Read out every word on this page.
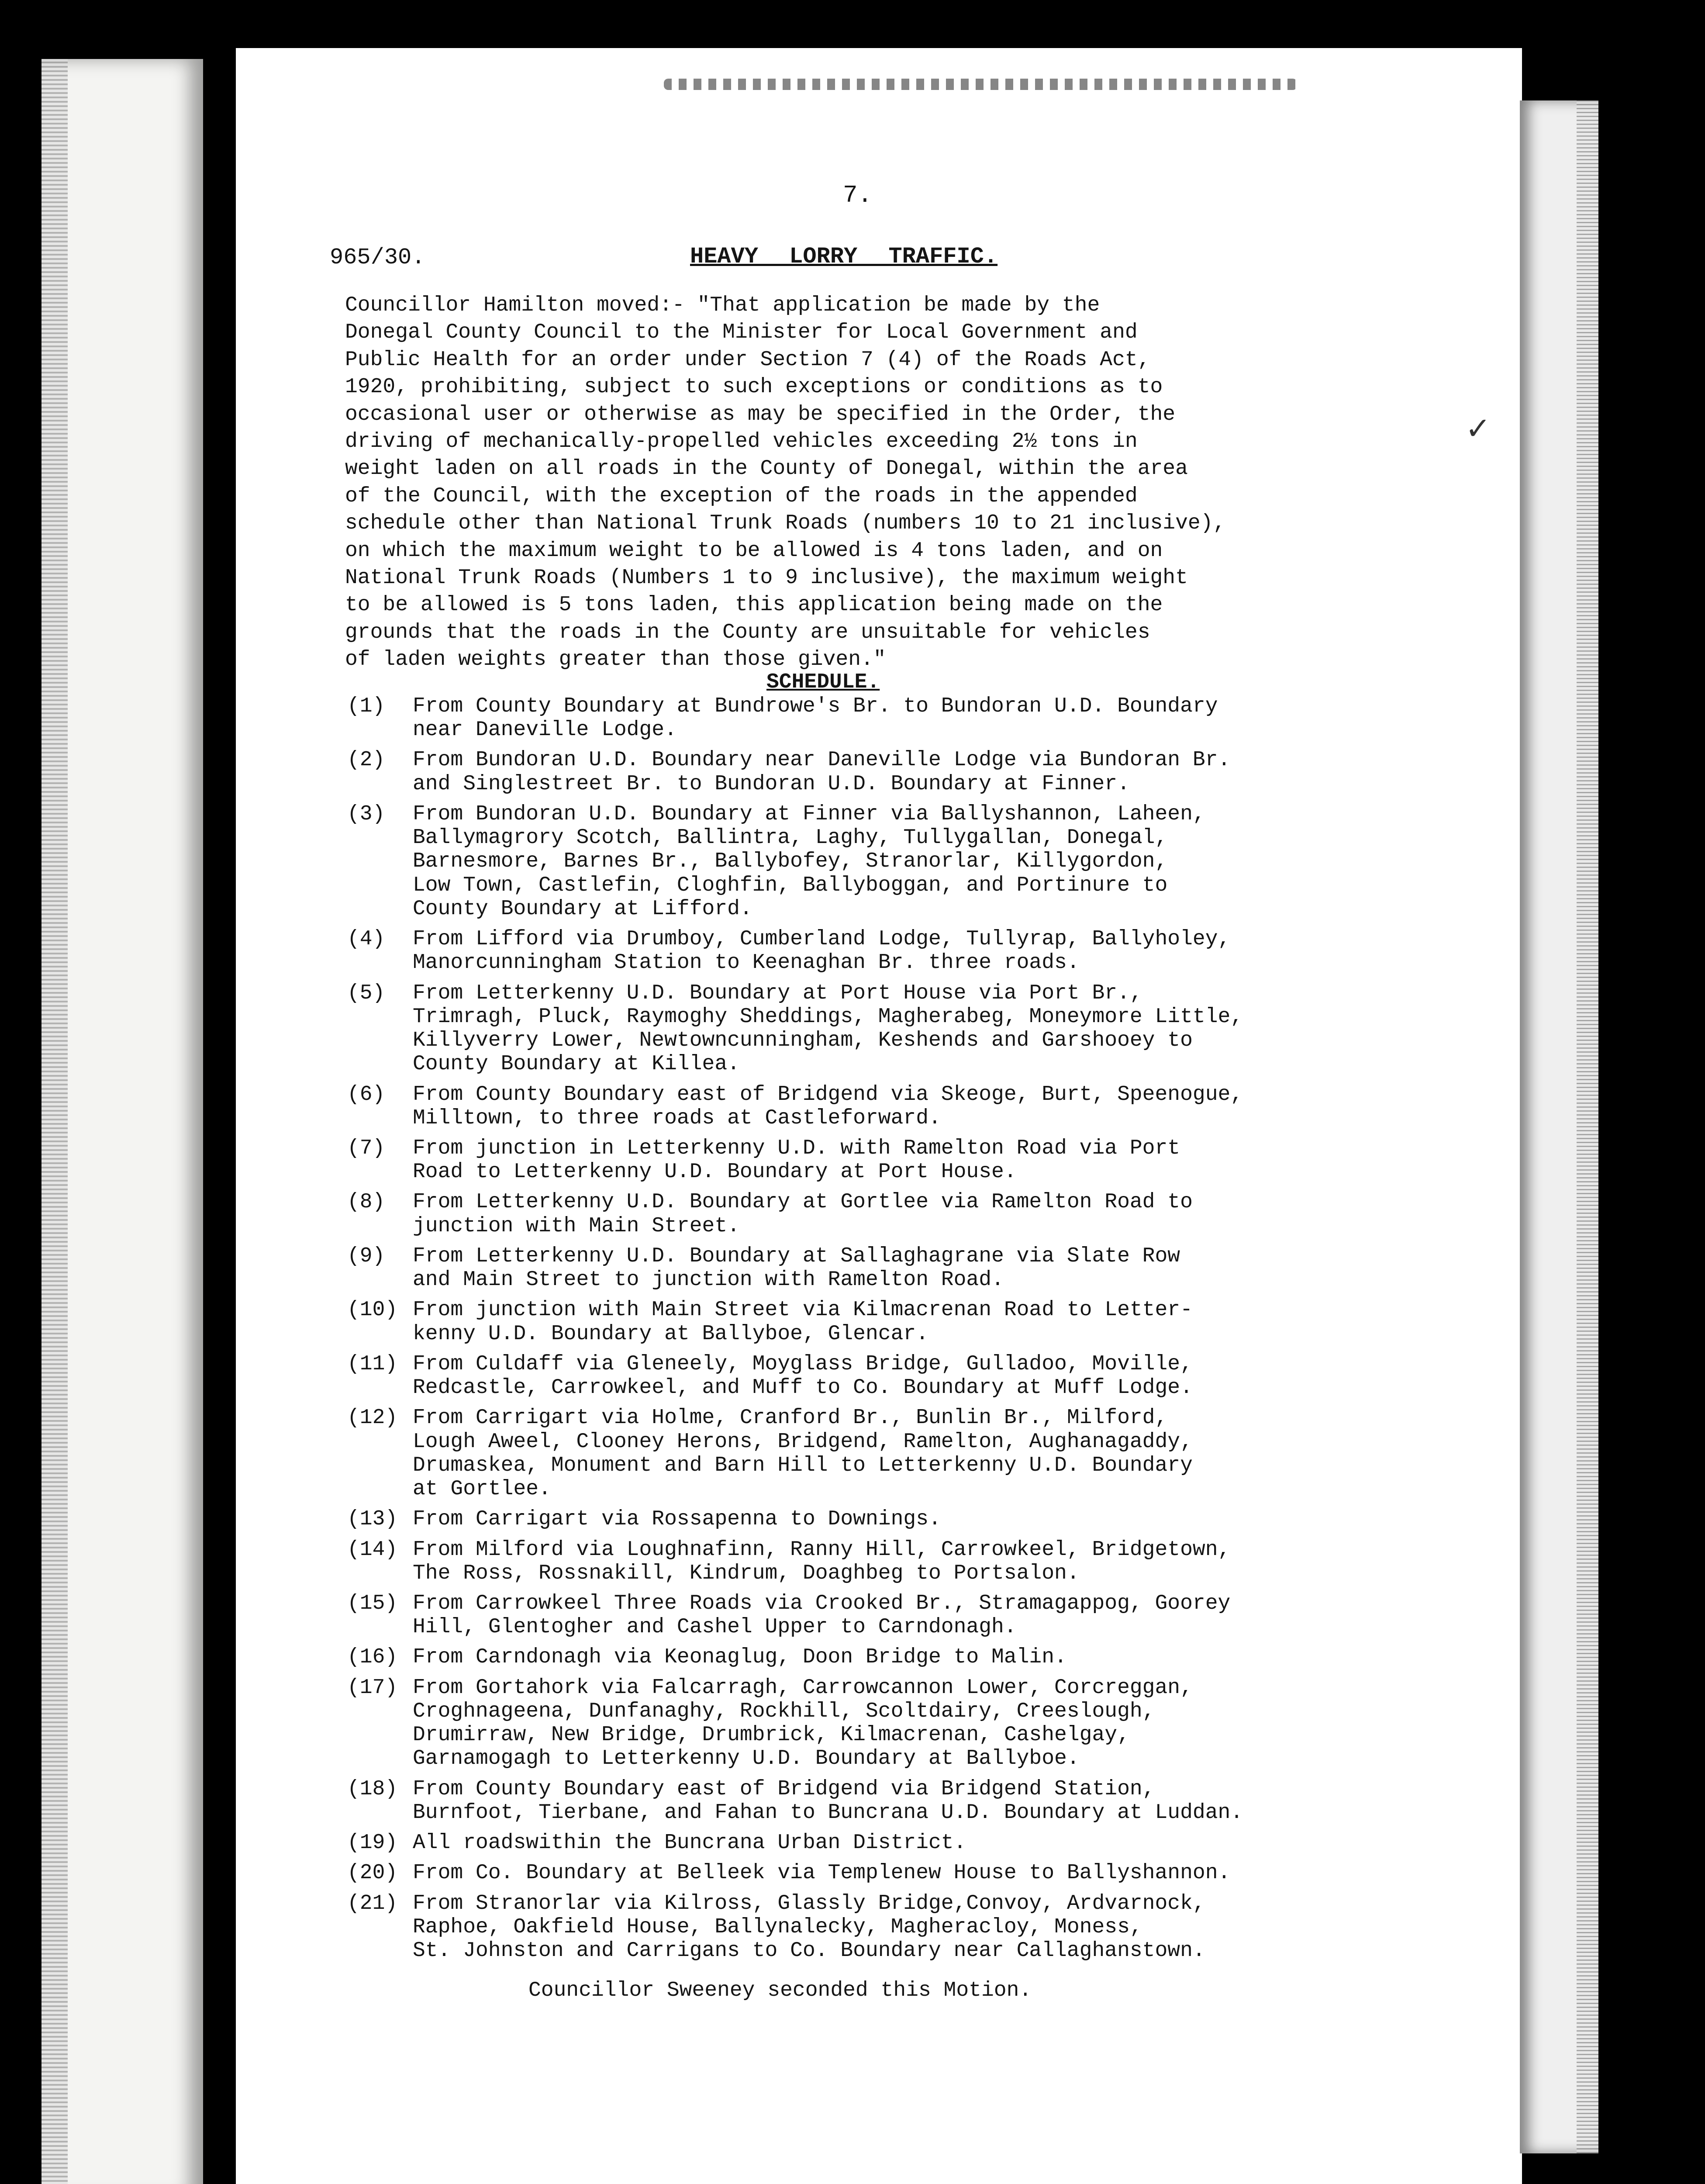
✓
7.
965/30.	HEAVY LORRY TRAFFIC.
Councillor Hamilton moved:- "That application be made by the
Donegal County Council to the Minister for Local Government and
Public Health for an order under Section 7 (4) of the Roads Act,
1920, prohibiting, subject to such exceptions or conditions as to
occasional user or otherwise as may be specified in the Order, the
driving of mechanically-propelled vehicles exceeding 2½ tons in
weight laden on all roads in the County of Donegal, within the area
of the Council, with the exception of the roads in the appended
schedule other than National Trunk Roads (numbers 10 to 21 inclusive),
on which the maximum weight to be allowed is 4 tons laden, and on
National Trunk Roads (Numbers 1 to 9 inclusive), the maximum weight
to be allowed is 5 tons laden, this application being made on the
grounds that the roads in the County are unsuitable for vehicles
of laden weights greater than those given."
SCHEDULE.
(1)	From County Boundary at Bundrowe's Br. to Bundoran U.D. Boundary
near Daneville Lodge.
(2)	From Bundoran U.D. Boundary near Daneville Lodge via Bundoran Br.
and Singlestreet Br. to Bundoran U.D. Boundary at Finner.
(3)	From Bundoran U.D. Boundary at Finner via Ballyshannon, Laheen,
Ballymagrory Scotch, Ballintra, Laghy, Tullygallan, Donegal,
Barnesmore, Barnes Br., Ballybofey, Stranorlar, Killygordon,
Low Town, Castlefin, Cloghfin, Ballyboggan, and Portinure to
County Boundary at Lifford.
(4)	From Lifford via Drumboy, Cumberland Lodge, Tullyrap, Ballyholey,
Manorcunningham Station to Keenaghan Br. three roads.
(5)	From Letterkenny U.D. Boundary at Port House via Port Br.,
Trimragh, Pluck, Raymoghy Sheddings, Magherabeg, Moneymore Little,
Killyverry Lower, Newtowncunningham, Keshends and Garshooey to
County Boundary at Killea.
(6)	From County Boundary east of Bridgend via Skeoge, Burt, Speenogue,
Milltown, to three roads at Castleforward.
(7)	From junction in Letterkenny U.D. with Ramelton Road via Port
Road to Letterkenny U.D. Boundary at Port House.
(8)	From Letterkenny U.D. Boundary at Gortlee via Ramelton Road to
junction with Main Street.
(9)	From Letterkenny U.D. Boundary at Sallaghagrane via Slate Row
and Main Street to junction with Ramelton Road.
(10) From junction with Main Street via Kilmacrenan Road to Letter-
kenny U.D. Boundary at Ballyboe, Glencar.
(11) From Culdaff via Gleneely, Moyglass Bridge, Gulladoo, Moville,
Redcastle, Carrowkeel, and Muff to Co. Boundary at Muff Lodge.
(12) From Carrigart via Holme, Cranford Br., Bunlin Br., Milford,
Lough Aweel, Clooney Herons, Bridgend, Ramelton, Aughanagaddy,
Drumaskea, Monument and Barn Hill to Letterkenny U.D. Boundary
at Gortlee.
(13) From Carrigart via Rossapenna to Downings.
(14) From Milford via Loughnafinn, Ranny Hill, Carrowkeel, Bridgetown,
The Ross, Rossnakill, Kindrum, Doaghbeg to Portsalon.
(15) From Carrowkeel Three Roads via Crooked Br., Stramagappog, Goorey
Hill, Glentogher and Cashel Upper to Carndonagh.
(16) From Carndonagh via Keonaglug, Doon Bridge to Malin.
(17) From Gortahork via Falcarragh, Carrowcannon Lower, Corcreggan,
Croghnageena, Dunfanaghy, Rockhill, Scoltdairy, Creeslough,
Drumirraw, New Bridge, Drumbrick, Kilmacrenan, Cashelgay,
Garnamogagh to Letterkenny U.D. Boundary at Ballyboe.
(18) From County Boundary east of Bridgend via Bridgend Station,
Burnfoot, Tierbane, and Fahan to Buncrana U.D. Boundary at Luddan.
(19) All roadswithin the Buncrana Urban District.
(20) From Co. Boundary at Belleek via Templenew House to Ballyshannon.
(21) From Stranorlar via Kilross, Glassly Bridge,Convoy, Ardvarnock,
Raphoe, Oakfield House, Ballynalecky, Magheracloy, Moness,
St. Johnston and Carrigans to Co. Boundary near Callaghanstown.
Councillor Sweeney seconded this Motion.
